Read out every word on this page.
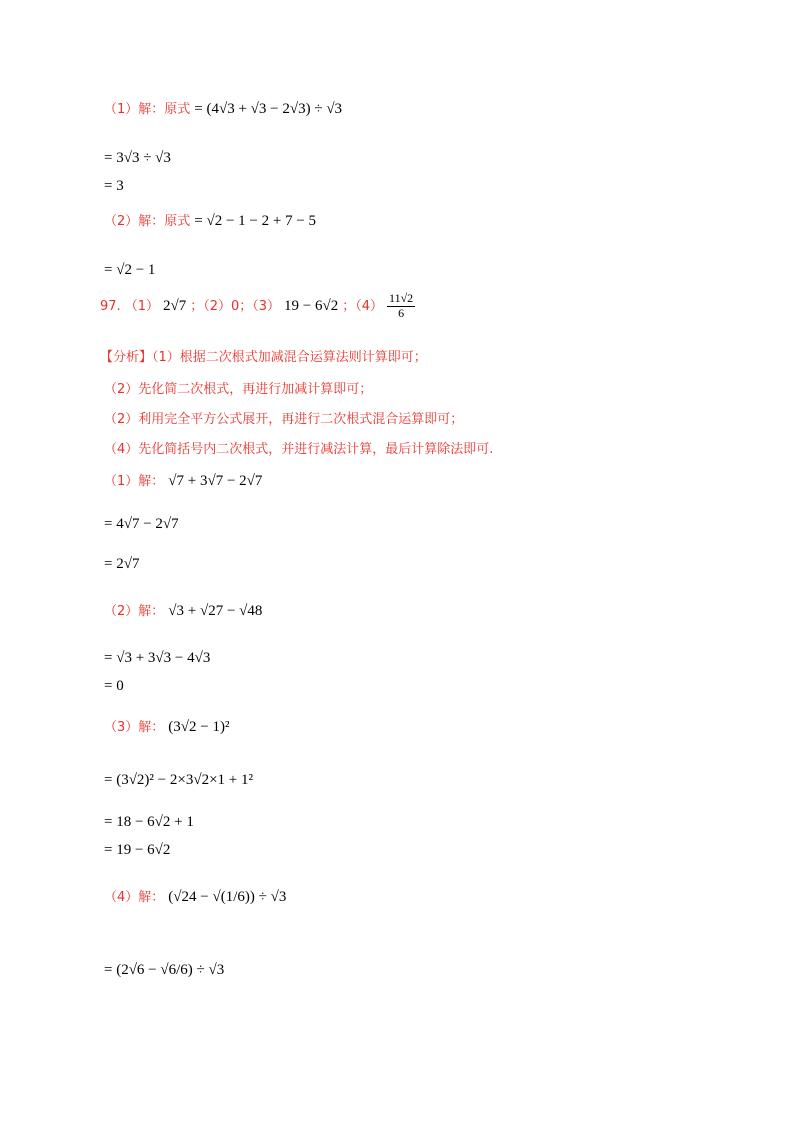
（1）解：原式 = (4√3 + √3 − 2√3) ÷ √3
= 3√3 ÷ √3
= 3
（2）解：原式 = √2 − 1 − 2 + 7 − 5
= √2 − 1
97. （1） 2√7 ；（2）0；（3） 19 − 6√2 ；$(4) \frac{11√2}{6}$
【分析】（1）根据二次根式加减混合运算法则计算即可；
（2）先化简二次根式，再进行加减计算即可；
（2）利用完全平方公式展开，再进行二次根式混合运算即可；
（4）先化简括号内二次根式，并进行减法计算，最后计算除法即可.
（1）解： √7 + 3√7 − 2√7
= 4√7 − 2√7
= 2√7
（2）解： √3 + √27 − √48
= √3 + 3√3 − 4√3
= 0
（3）解： (3√2 − 1)²
= (3√2)² − 2×3√2×1 + 1²
= 18 − 6√2 + 1
= 19 − 6√2
（4）解： (√24 − √(1/6)) ÷ √3
= (2√6 − √6/6) ÷ √3
